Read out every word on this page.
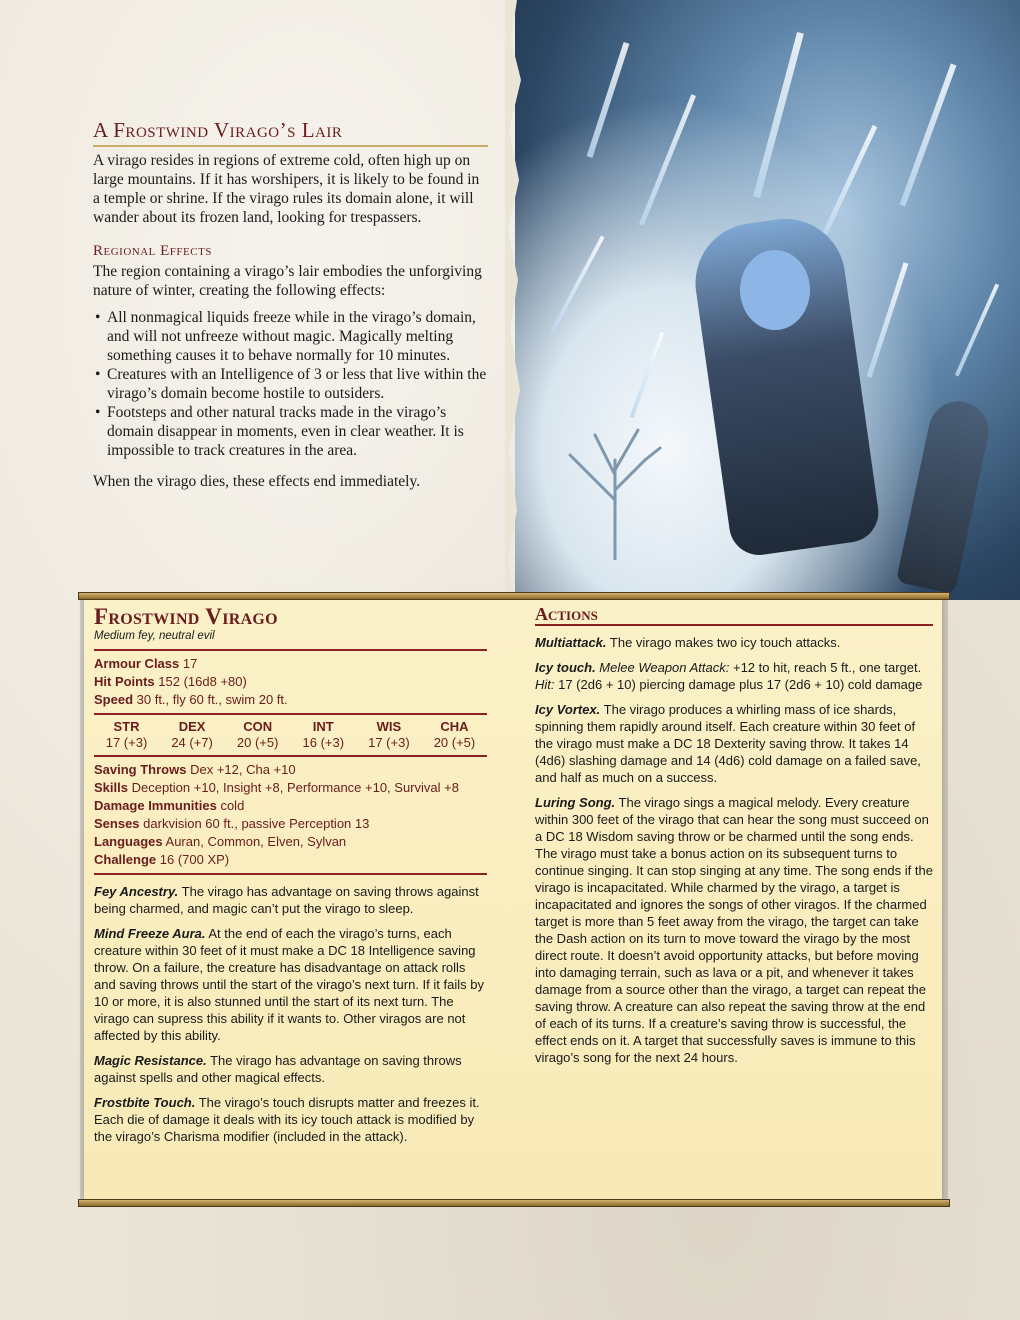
A Frostwind Virago’s Lair

A virago resides in regions of extreme cold, often high up on large mountains. If it has worshipers, it is likely to be found in a temple or shrine. If the virago rules its domain alone, it will wander about its frozen land, looking for trespassers.

Regional Effects

The region containing a virago’s lair embodies the unforgiving nature of winter, creating the following effects:

• All nonmagical liquids freeze while in the virago’s domain, and will not unfreeze without magic. Magically melting something causes it to behave normally for 10 minutes.
• Creatures with an Intelligence of 3 or less that live within the virago’s domain become hostile to outsiders.
• Footsteps and other natural tracks made in the virago’s domain disappear in moments, even in clear weather. It is impossible to track creatures in the area.

When the virago dies, these effects end immediately.

Frostwind Virago
Medium fey, neutral evil
Armour Class 17
Hit Points 152 (16d8 +80)
Speed 30 ft., fly 60 ft., swim 20 ft.
STR
17 (+3)
DEX
24 (+7)
CON
20 (+5)
INT
16 (+3)
WIS
17 (+3)
CHA
20 (+5)
Saving Throws Dex +12, Cha +10
Skills Deception +10, Insight +8, Performance +10, Survival +8
Damage Immunities cold
Senses darkvision 60 ft., passive Perception 13
Languages Auran, Common, Elven, Sylvan
Challenge 16 (700 XP)
Fey Ancestry. The virago has advantage on saving throws against being charmed, and magic can’t put the virago to sleep.
Mind Freeze Aura. At the end of each the virago’s turns, each creature within 30 feet of it must make a DC 18 Intelligence saving throw. On a failure, the creature has disadvantage on attack rolls and saving throws until the start of the virago’s next turn. If it fails by 10 or more, it is also stunned until the start of its next turn. The virago can supress this ability if it wants to. Other viragos are not affected by this ability.
Magic Resistance. The virago has advantage on saving throws against spells and other magical effects.
Frostbite Touch. The virago’s touch disrupts matter and freezes it. Each die of damage it deals with its icy touch attack is modified by the virago’s Charisma modifier (included in the attack).
Actions
Multiattack. The virago makes two icy touch attacks.
Icy touch. Melee Weapon Attack: +12 to hit, reach 5 ft., one target. Hit: 17 (2d6 + 10) piercing damage plus 17 (2d6 + 10) cold damage
Icy Vortex. The virago produces a whirling mass of ice shards, spinning them rapidly around itself. Each creature within 30 feet of the virago must make a DC 18 Dexterity saving throw. It takes 14 (4d6) slashing damage and 14 (4d6) cold damage on a failed save, and half as much on a success.
Luring Song. The virago sings a magical melody. Every creature within 300 feet of the virago that can hear the song must succeed on a DC 18 Wisdom saving throw or be charmed until the song ends. The virago must take a bonus action on its subsequent turns to continue singing. It can stop singing at any time. The song ends if the virago is incapacitated. While charmed by the virago, a target is incapacitated and ignores the songs of other viragos. If the charmed target is more than 5 feet away from the virago, the target can take the Dash action on its turn to move toward the virago by the most direct route. It doesn’t avoid opportunity attacks, but before moving into damaging terrain, such as lava or a pit, and whenever it takes damage from a source other than the virago, a target can repeat the saving throw. A creature can also repeat the saving throw at the end of each of its turns. If a creature’s saving throw is successful, the effect ends on it. A target that successfully saves is immune to this virago’s song for the next 24 hours.
